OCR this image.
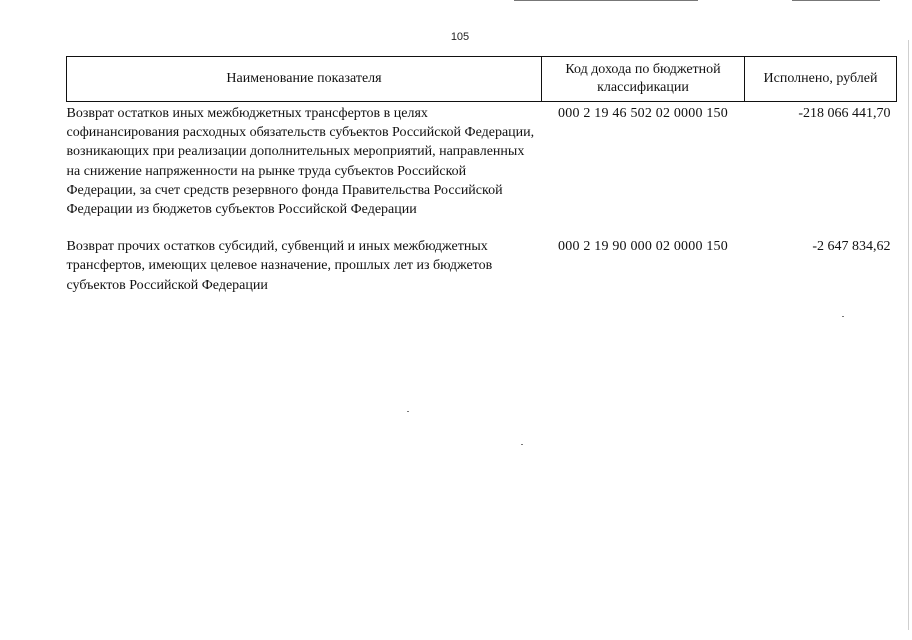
105
Наименование показателя	Код дохода по бюджетной классификации	Исполнено, рублей
Возврат остатков иных межбюджетных трансфертов в целях софинансирования расходных обязательств субъектов Российской Федерации, возникающих при реализации дополнительных мероприятий, направленных на снижение напряженности на рынке труда субъектов Российской Федерации, за счет средств резервного фонда Правительства Российской Федерации из бюджетов субъектов Российской Федерации	000 2 19 46 502 02 0000 150	-218 066 441,70
Возврат прочих остатков субсидий, субвенций и иных межбюджетных трансфертов, имеющих целевое назначение, прошлых лет из бюджетов субъектов Российской Федерации	000 2 19 90 000 02 0000 150	-2 647 834,62
